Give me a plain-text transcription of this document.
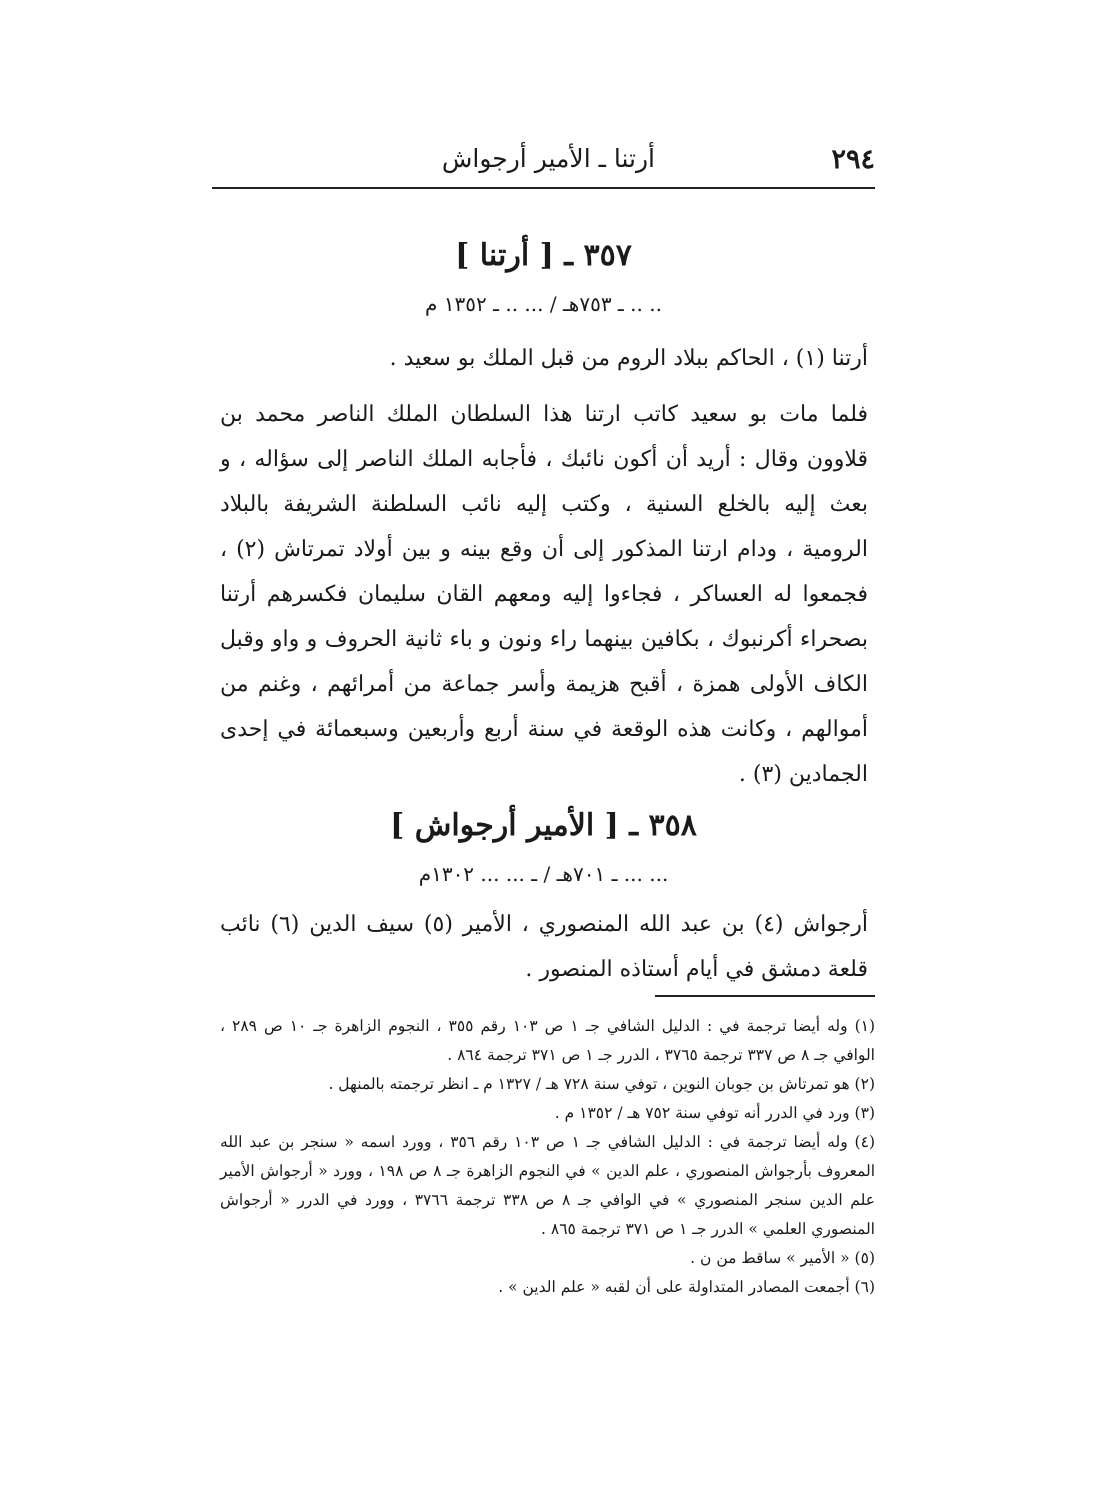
٢٩٤
أرتنا ـ الأمير أرجواش
٣٥٧ ـ [ أرتنا ]
.. .. ـ ٧٥٣هـ / ... .. ـ ١٣٥٢ م
أرتنا (١) ، الحاكم ببلاد الروم من قبل الملك بو سعيد .
فلما مات بو سعيد كاتب ارتنا هذا السلطان الملك الناصر محمد بن قلاوون وقال : أريد أن أكون نائبك ، فأجابه الملك الناصر إلى سؤاله ، و بعث إليه بالخلع السنية ، وكتب إليه نائب السلطنة الشريفة بالبلاد الرومية ، ودام ارتنا المذكور إلى أن وقع بينه و بين أولاد تمرتاش (٢) ، فجمعوا له العساكر ، فجاءوا إليه ومعهم القان سليمان فكسرهم أرتنا بصحراء أكرنبوك ، بكافين بينهما راء ونون و باء ثانية الحروف و واو وقبل الكاف الأولى همزة ، أقبح هزيمة وأسر جماعة من أمرائهم ، وغنم من أموالهم ، وكانت هذه الوقعة في سنة أربع وأربعين وسبعمائة في إحدى الجمادين (٣) .
٣٥٨ ـ [ الأمير أرجواش ]
... ... ـ ٧٠١هـ / ـ ... ... ١٣٠٢م
أرجواش (٤) بن عبد الله المنصوري ، الأمير (٥) سيف الدين (٦) نائب قلعة دمشق في أيام أستاذه المنصور .

(١) وله أيضا ترجمة في : الدليل الشافي جـ ١ ص ١٠٣ رقم ٣٥٥ ، النجوم الزاهرة جـ ١٠ ص ٢٨٩ ، الوافي جـ ٨ ص ٣٣٧ ترجمة ٣٧٦٥ ، الدرر جـ ١ ص ٣٧١ ترجمة ٨٦٤ .

(٢) هو تمرتاش بن جوبان النوين ، توفي سنة ٧٢٨ هـ / ١٣٢٧ م ـ انظر ترجمته بالمنهل .

(٣) ورد في الدرر أنه توفي سنة ٧٥٢ هـ / ١٣٥٢ م .

(٤) وله أيضا ترجمة في : الدليل الشافي جـ ١ ص ١٠٣ رقم ٣٥٦ ، وورد اسمه « سنجر بن عبد الله المعروف بأرجواش المنصوري ، علم الدين » في النجوم الزاهرة جـ ٨ ص ١٩٨ ، وورد « أرجواش الأمير علم الدين سنجر المنصوري » في الوافي جـ ٨ ص ٣٣٨ ترجمة ٣٧٦٦ ، وورد في الدرر « أرجواش المنصوري العلمي » الدرر جـ ١ ص ٣٧١ ترجمة ٨٦٥ .

(٥) « الأمير » ساقط من ن .

(٦) أجمعت المصادر المتداولة على أن لقبه « علم الدين » .
